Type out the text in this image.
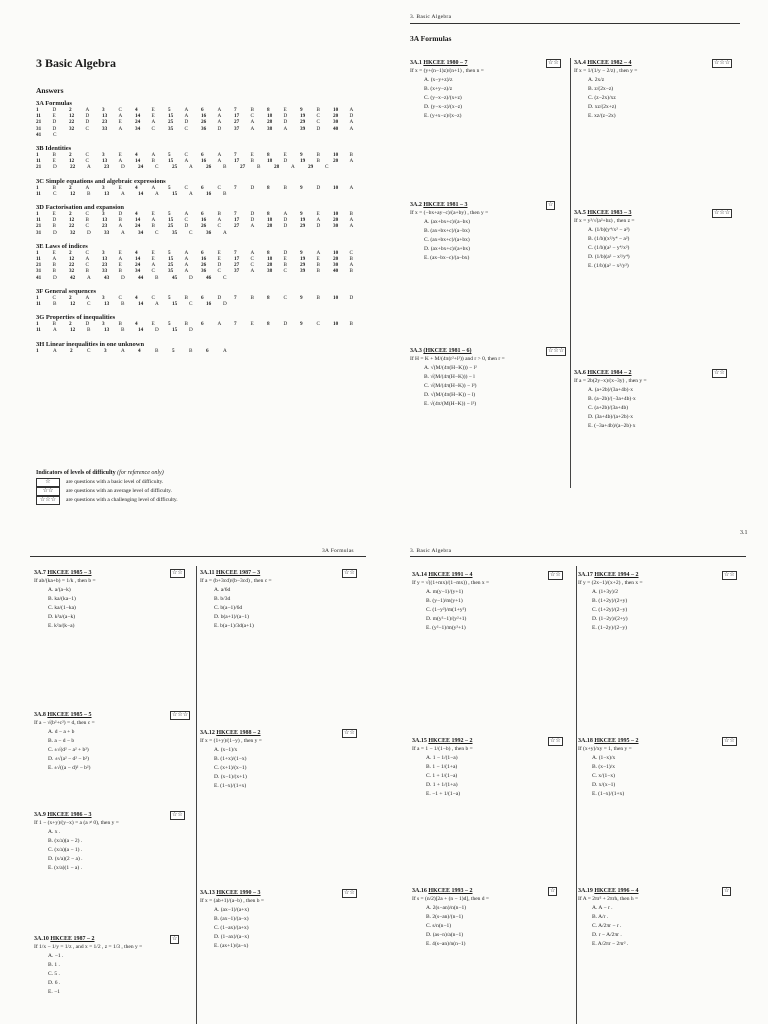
3 Basic Algebra
Answers
3A Formulas
1	D	2	A	3	C	4	E	5	A	6	A	7	B	8	E	9	B	10	A
11	E	12	D	13	A	14	E	15	A	16	A	17	C	18	D	19	C	20	D
21	D	22	D	23	E	24	A	25	D	26	A	27	A	28	D	29	C	30	A
31	D	32	C	33	A	34	C	35	C	36	D	37	A	38	A	39	D	40	A
41	C
3B Identities
1	B	2	C	3	E	4	A	5	C	6	A	7	E	8	E	9	B	10	B
11	E	12	C	13	A	14	B	15	A	16	A	17	B	18	D	19	B	20	A
21	D	22	A	23	D	24	C	25	A	26	B	27	B	28	A	29	C
3C Simple equations and algebraic expressions
1	B	2	A	3	E	4	A	5	C	6	C	7	D	8	B	9	D	10	A
11	C	12	B	13	A	14	A	15	A	16	B
3D Factorisation and expansion
1	E	2	C	3	D	4	E	5	A	6	B	7	D	8	A	9	E	10	B
11	D	12	B	13	B	14	A	15	C	16	A	17	D	18	D	19	A	20	A
21	B	22	C	23	A	24	B	25	D	26	C	27	A	28	D	29	D	30	A
31	D	32	D	33	A	34	C	35	C	36	A
3E Laws of indices
1	E	2	C	3	E	4	E	5	A	6	E	7	A	8	D	9	A	10	C
11	A	12	A	13	A	14	E	15	A	16	E	17	C	18	E	19	E	20	B
21	B	22	C	23	E	24	A	25	A	26	D	27	C	28	B	29	B	30	A
31	B	32	B	33	B	34	C	35	A	36	C	37	A	38	C	39	B	40	B
41	D	42	A	43	D	44	B	45	D	46	C
3F General sequences
1	C	2	A	3	C	4	C	5	B	6	D	7	B	8	C	9	B	10	D
11	B	12	C	13	B	14	A	15	C	16	D
3G Properties of inequalities
1	B	2	D	3	B	4	E	5	B	6	A	7	E	8	D	9	C	10	B
11	A	12	B	13	B	14	D	15	D
3H Linear inequalities in one unknown
1	A	2	C	3	A	4	B	5	B	6	A
Indicators of levels of difficulty (for reference only)
☆	are questions with a basic level of difficulty.
☆☆	are questions with an average level of difficulty.
☆☆☆	are questions with a challenging level of difficulty.
3. Basic Algebra
3A Formulas
3A.1 HKCEE 1980 – 7
If x = (y+(n−1)z)/(n+1) , then n =
A. (x−y+z)/z
B. (x+y−z)/z
C. (y−x−z)/(x+z)
D. (y−x−z)/(x−z)
E. (y+x−z)/(x−z)
☆☆	3A.4 HKCEE 1982 – 4
If x = 1/(1/y − 2/z) , then y =
A. 2x/z
B. z/(2x−z)
C. (z−2x)/xz
D. xz/(2x+z)
E. xz/(z−2x)
☆☆☆
3A.2 HKCEE 1981 – 3
If x = (−bx+ay−c)/(a+by) , then y =
A. (ax+bx+c)/(a−bx)
B. (ax+bx+c)/(a−bx)
C. (ax+bx+c)/(a+bx)
D. (ax+bx+c)/(a+bx)
E. (ax−bx−c)/(a−bx)
☆
3A.5 HKCEE 1983 – 3
If x = y²/√(a²+bz) , then z =
A. (1/b)(y⁴/x² − a²)
B. (1/b)(x²/y⁴ − a²)
C. (1/b)(a² − y⁴/x²)
D. (1/b)(a² − x²/y⁴)
E. (1/b)(a² − x²/y²)
☆☆☆
3A.3 (HKCEE 1981 – 6)
If H = K + M/(4π(r²+l²)) and r > 0, then r =
A. √(M/(4π(H−K))) − l²
B. √(M/(4π(H−K))) − l
C. √(M/(4π(H−K)) − l²)
D. √(M/(4π(H−K)) − l)
E. √(4π/(M(H−K)) − l²)
☆☆☆
3A.6 HKCEE 1984 – 2
If a = 2b(2y−x)/(x−3y) , then y =
A. (a+2b)/(3a+4b)·x
B. (a−2b)/(−3a+4b)·x
C. (a+2b)/(3a+4b)
D. (3a+4b)/(a+2b)·x
E. (−3a+4b)/(a−2b)·x
☆☆
3.1
3A Formulas
3A.7 HKCEE 1985 – 3
If ab/(ka+b) = 1/k , then b =
A. a/(a−k)
B. ka/(ka−1)
C. ka/(1−ka)
D. k²a/(a−k)
E. k²a/(k−a)
☆☆	3A.11 HKCEE 1987 – 3
If a = (b+3cd)/(b−3cd) , then c =
A. a/6d
B. b/3d
C. b(a−1)/6d
D. b(a+1)/(a−1)
E. b(a−1)/3d(a+1)
☆☆
3A.8 HKCEE 1985 – 5
If a − √(b²+c²) = d, then c =
A. d − a + b
B. a − d − b
C. ±√(d² − a² + b²)
D. ±√(a² − d² − b²)
E. ±√((a − d)² − b²)
☆☆☆
3A.12 HKCEE 1988 – 2
If x = (1+y)/(1−y) , then y =
A. (x−1)/x
B. (1+x)/(1−x)
C. (x+1)/(x−1)
D. (x−1)/(x+1)
E. (1−x)/(1+x)
☆☆
3A.9 HKCEE 1986 – 3
If 1 − (x+y)/(y−x) = a (a ≠ 0), then y =
A. x .
B. (x/a)(a − 2) .
C. (x/a)(a − 1) .
D. (x/a)(2 − a) .
E. (x/a)(1 − a) .
☆☆
3A.13 HKCEE 1990 – 3
If x = (ab+1)/(a−b) , then b =
A. (ax−1)/(a+x)
B. (ax−1)/(a−x)
C. (1−ax)/(a+x)
D. (1−ax)/(a−x)
E. (ax+1)/(a−x)
☆☆
3A.10 HKCEE 1987 – 2
If 1/x − 1/y = 1/z , and x = 1/2 , z = 1/3 , then y =
A. −1 .
B. 1 .
C. 5 .
D. 6 .
E. −1
☆
3. Basic Algebra
3A.14 HKCEE 1991 – 4
If y = √((1+mx)/(1−mx)) , then x =
A. m(y−1)/(y+1)
B. (y−1)/m(y+1)
C. (1−y²)/m(1+y²)
D. m(y²−1)/(y²+1)
E. (y²−1)/m(y²+1)
☆☆	3A.17 HKCEE 1994 – 2
If y = (2x−1)/(x+2) , then x =
A. (1+3y)/2
B. (1+2y)/(2+y)
C. (1+2y)/(2−y)
D. (1−2y)/(2+y)
E. (1−2y)/(2−y)
☆☆
3A.15 HKCEE 1992 – 2
If a = 1 − 1/(1−b) , then b =
A. 1 − 1/(1−a)
B. 1 − 1/(1+a)
C. 1 + 1/(1−a)
D. 1 + 1/(1+a)
E. −1 + 1/(1−a)
☆☆	3A.18 HKCEE 1995 – 2
If (x+y)/xy = 1, then y =
A. (1−x)/x
B. (x−1)/x
C. x/(1−x)
D. x/(x−1)
E. (1−x)/(1+x)
☆☆
3A.16 HKCEE 1993 – 2
If s = (n/2)[2a + (n − 1)d], then d =
A. 2(s−an)/n(n−1)
B. 2(s−an)/(n−1)
C. s/n(n−1)
D. (as−n)/a(n−1)
E. 4(s−an)/n(n−1)
☆	3A.19 HKCEE 1996 – 4
If A = 2πr² + 2πrh, then h =
A. A − r .
B. A/r .
C. A/2πr − r .
D. r − A/2πr .
E. A/2πr − 2πr² .
☆
